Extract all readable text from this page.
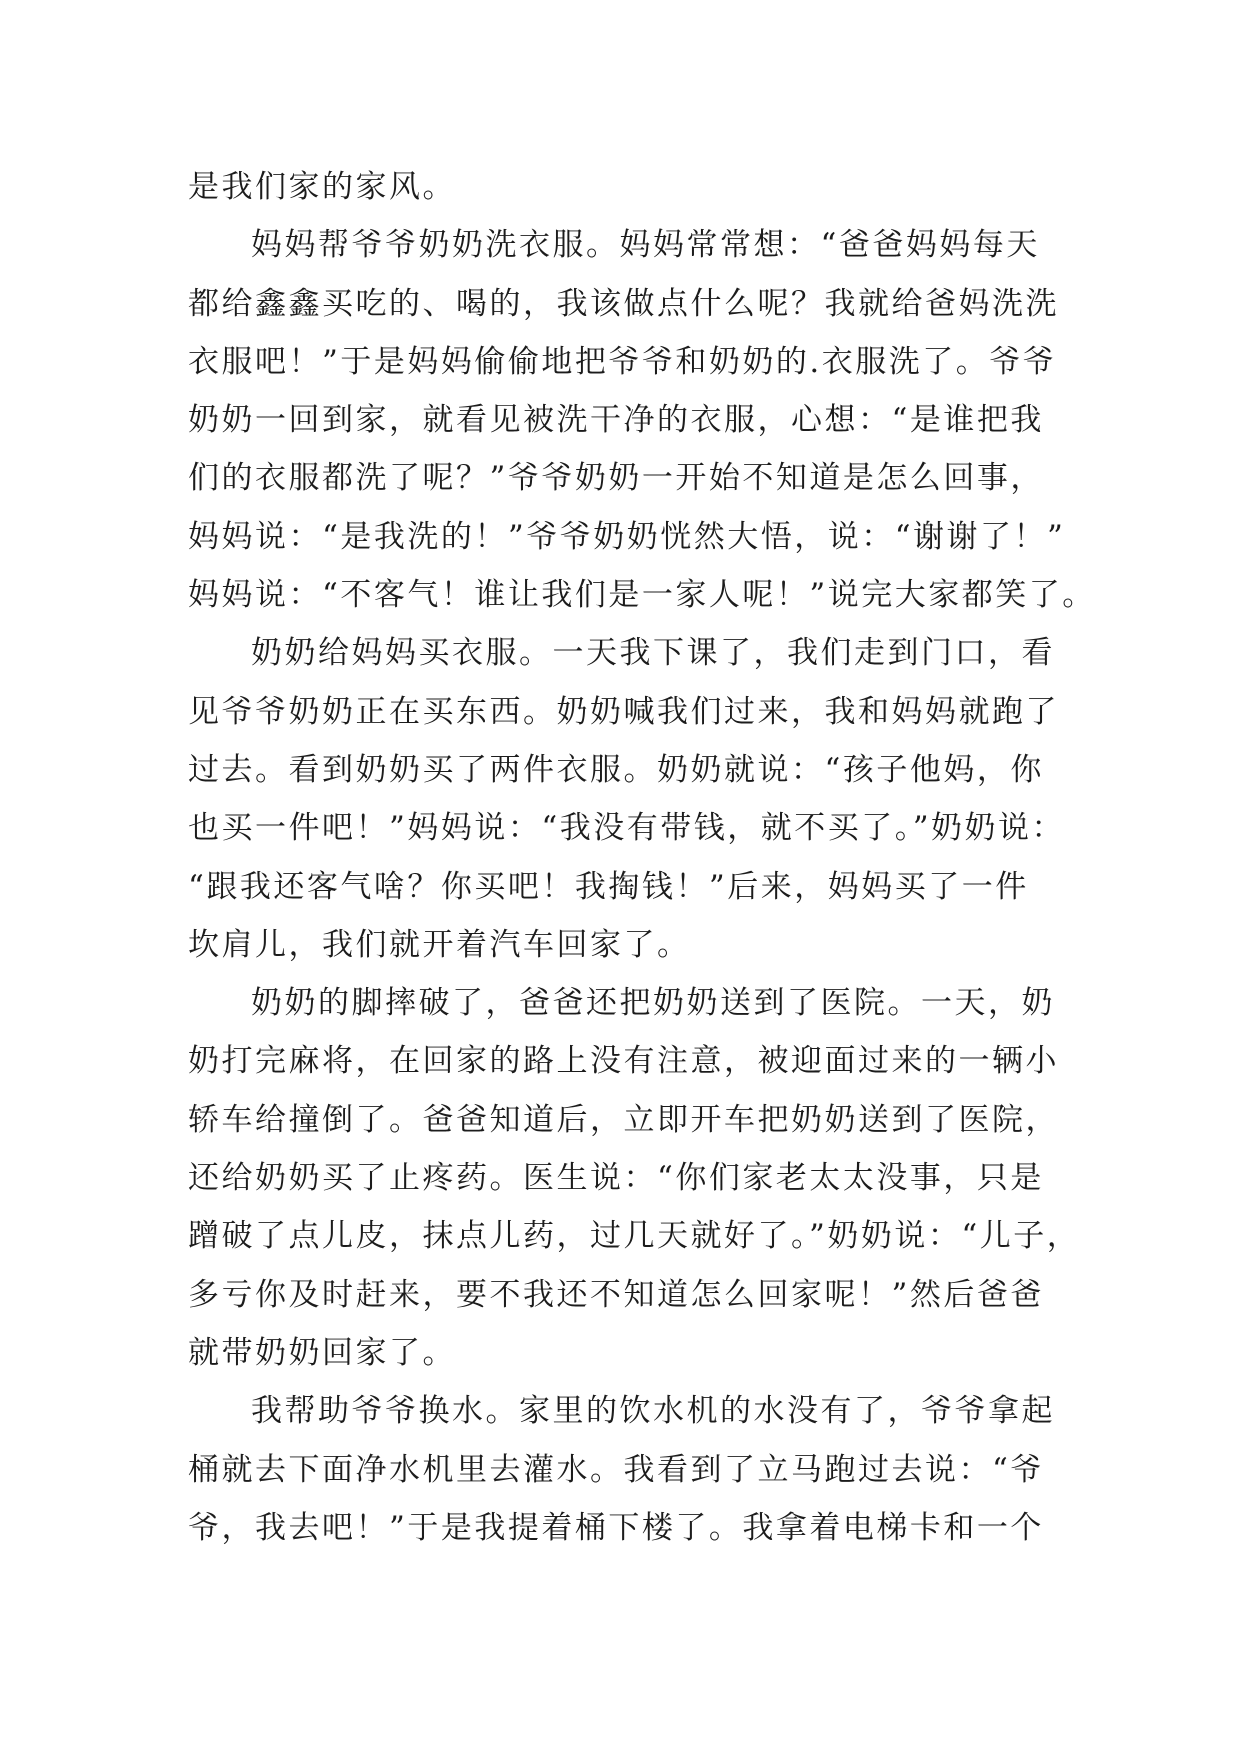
是我们家的家风。
妈妈帮爷爷奶奶洗衣服。妈妈常常想：“爸爸妈妈每天
都给鑫鑫买吃的、喝的，我该做点什么呢？我就给爸妈洗洗
衣服吧！”于是妈妈偷偷地把爷爷和奶奶的.衣服洗了。爷爷
奶奶一回到家，就看见被洗干净的衣服，心想：“是谁把我
们的衣服都洗了呢？”爷爷奶奶一开始不知道是怎么回事，
妈妈说：“是我洗的！”爷爷奶奶恍然大悟，说：“谢谢了！”
妈妈说：“不客气！谁让我们是一家人呢！”说完大家都笑了。
奶奶给妈妈买衣服。一天我下课了，我们走到门口，看
见爷爷奶奶正在买东西。奶奶喊我们过来，我和妈妈就跑了
过去。看到奶奶买了两件衣服。奶奶就说：“孩子他妈，你
也买一件吧！”妈妈说：“我没有带钱，就不买了。”奶奶说：
“跟我还客气啥？你买吧！我掏钱！”后来，妈妈买了一件
坎肩儿，我们就开着汽车回家了。
奶奶的脚摔破了，爸爸还把奶奶送到了医院。一天，奶
奶打完麻将，在回家的路上没有注意，被迎面过来的一辆小
轿车给撞倒了。爸爸知道后，立即开车把奶奶送到了医院，
还给奶奶买了止疼药。医生说：“你们家老太太没事，只是
蹭破了点儿皮，抹点儿药，过几天就好了。”奶奶说：“儿子，
多亏你及时赶来，要不我还不知道怎么回家呢！”然后爸爸
就带奶奶回家了。
我帮助爷爷换水。家里的饮水机的水没有了，爷爷拿起
桶就去下面净水机里去灌水。我看到了立马跑过去说：“爷
爷，我去吧！”于是我提着桶下楼了。我拿着电梯卡和一个
